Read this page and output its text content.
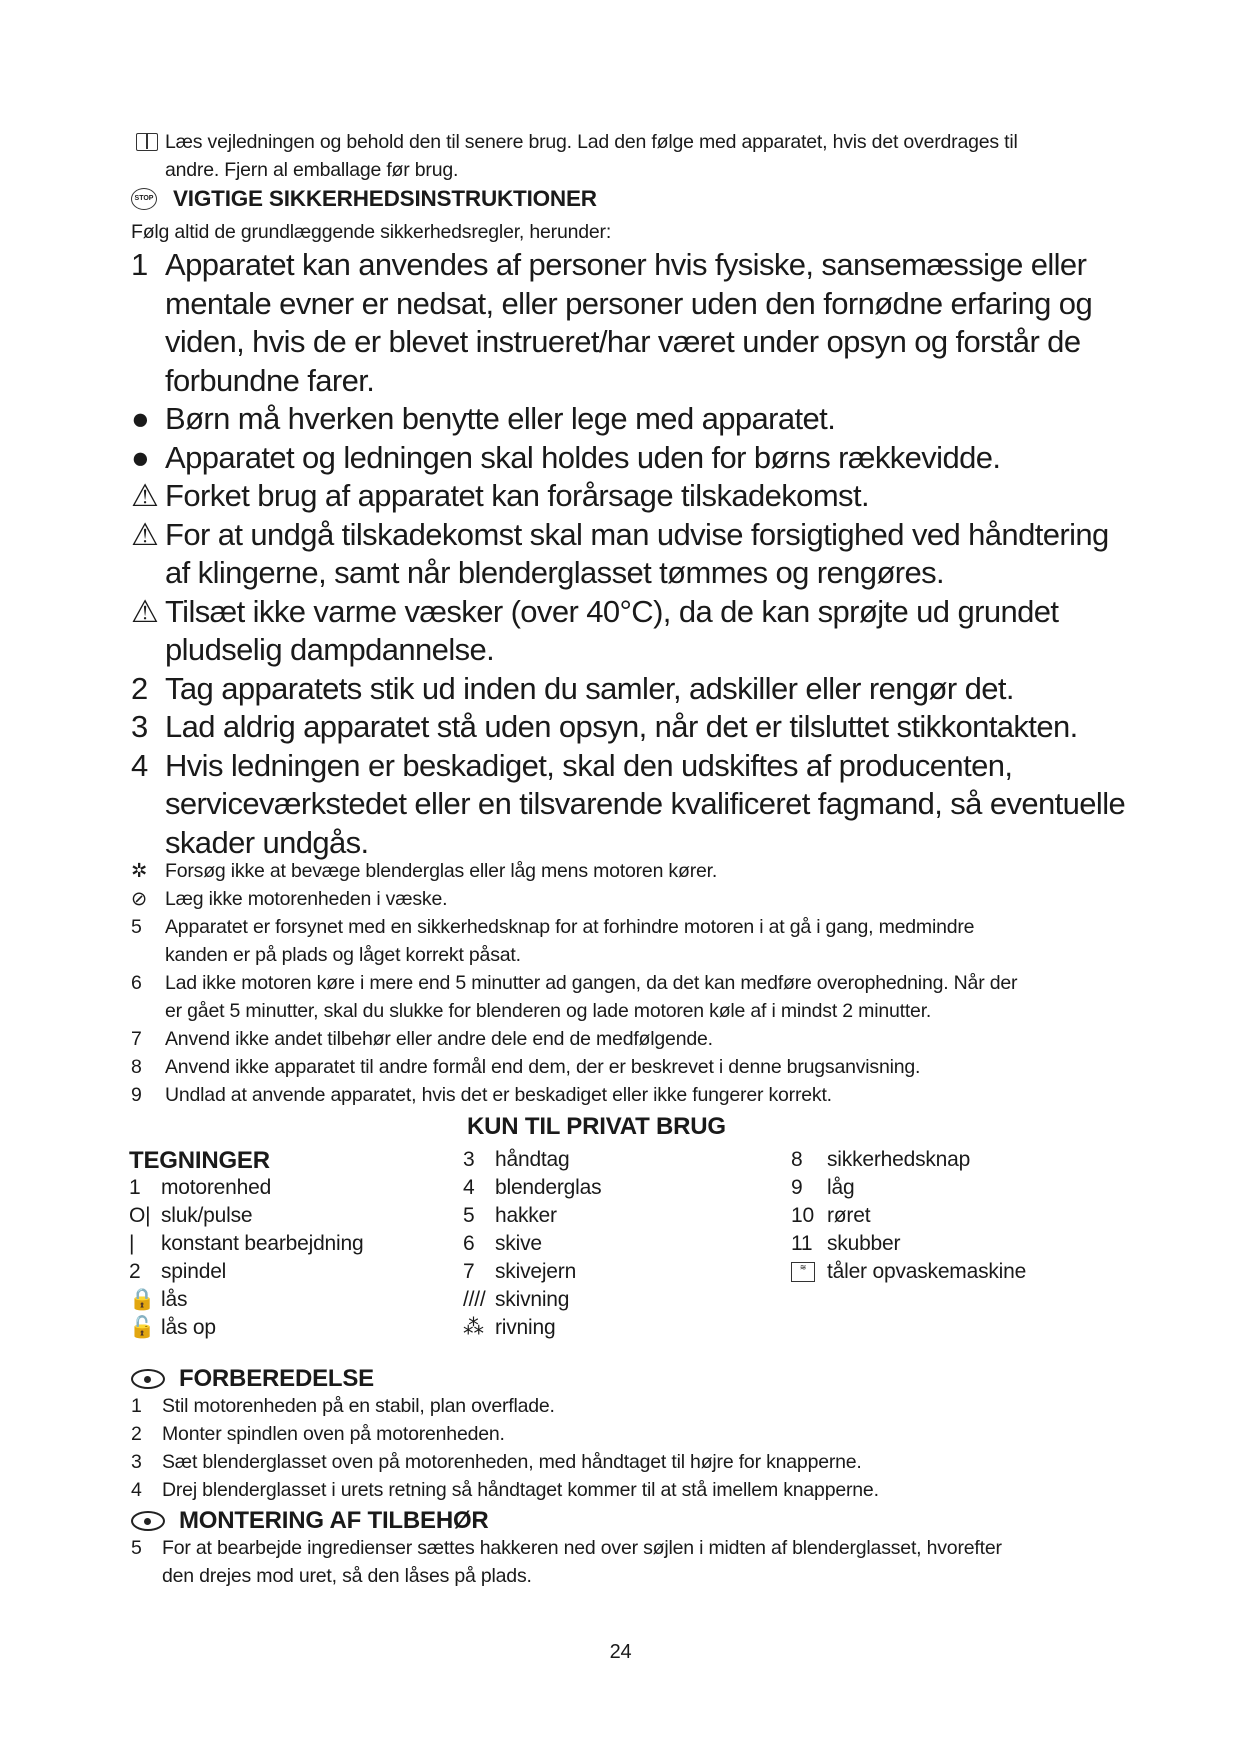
Læs vejledningen og behold den til senere brug. Lad den følge med apparatet, hvis det overdrages til
andre. Fjern al emballage før brug.
STOP VIGTIGE SIKKERHEDSINSTRUKTIONER
Følg altid de grundlæggende sikkerhedsregler, herunder:
1 Apparatet kan anvendes af personer hvis fysiske, sansemæssige eller
mentale evner er nedsat, eller personer uden den fornødne erfaring og
viden, hvis de er blevet instrueret/har været under opsyn og forstår de
forbundne farer.
● Børn må hverken benytte eller lege med apparatet.
● Apparatet og ledningen skal holdes uden for børns rækkevidde.
⚠ Forket brug af apparatet kan forårsage tilskadekomst.
⚠ For at undgå tilskadekomst skal man udvise forsigtighed ved håndtering
af klingerne, samt når blenderglasset tømmes og rengøres.
⚠ Tilsæt ikke varme væsker (over 40°C), da de kan sprøjte ud grundet
pludselig dampdannelse.
2 Tag apparatets stik ud inden du samler, adskiller eller rengør det.
3 Lad aldrig apparatet stå uden opsyn, når det er tilsluttet stikkontakten.
4 Hvis ledningen er beskadiget, skal den udskiftes af producenten,
serviceværkstedet eller en tilsvarende kvalificeret fagmand, så eventuelle
skader undgås.
✲ Forsøg ikke at bevæge blenderglas eller låg mens motoren kører.
⊘ Læg ikke motorenheden i væske.
5 Apparatet er forsynet med en sikkerhedsknap for at forhindre motoren i at gå i gang, medmindre
kanden er på plads og låget korrekt påsat.
6 Lad ikke motoren køre i mere end 5 minutter ad gangen, da det kan medføre overophedning. Når der
er gået 5 minutter, skal du slukke for blenderen og lade motoren køle af i mindst 2 minutter.
7 Anvend ikke andet tilbehør eller andre dele end de medfølgende.
8 Anvend ikke apparatet til andre formål end dem, der er beskrevet i denne brugsanvisning.
9 Undlad at anvende apparatet, hvis det er beskadiget eller ikke fungerer korrekt.
KUN TIL PRIVAT BRUG
TEGNINGER
1 motorenhed
O| sluk/pulse
| konstant bearbejdning
2 spindel
🔒 lås
🔓 lås op
3 håndtag
4 blenderglas
5 hakker
6 skive
7 skivejern
//// skivning
⁂ rivning
8 sikkerhedsknap
9 låg
10 røret
11 skubber
≋ tåler opvaskemaskine
FORBEREDELSE
1 Stil motorenheden på en stabil, plan overflade.
2 Monter spindlen oven på motorenheden.
3 Sæt blenderglasset oven på motorenheden, med håndtaget til højre for knapperne.
4 Drej blenderglasset i urets retning så håndtaget kommer til at stå imellem knapperne.
MONTERING AF TILBEHØR
5 For at bearbejde ingredienser sættes hakkeren ned over søjlen i midten af blenderglasset, hvorefter
den drejes mod uret, så den låses på plads.
24
